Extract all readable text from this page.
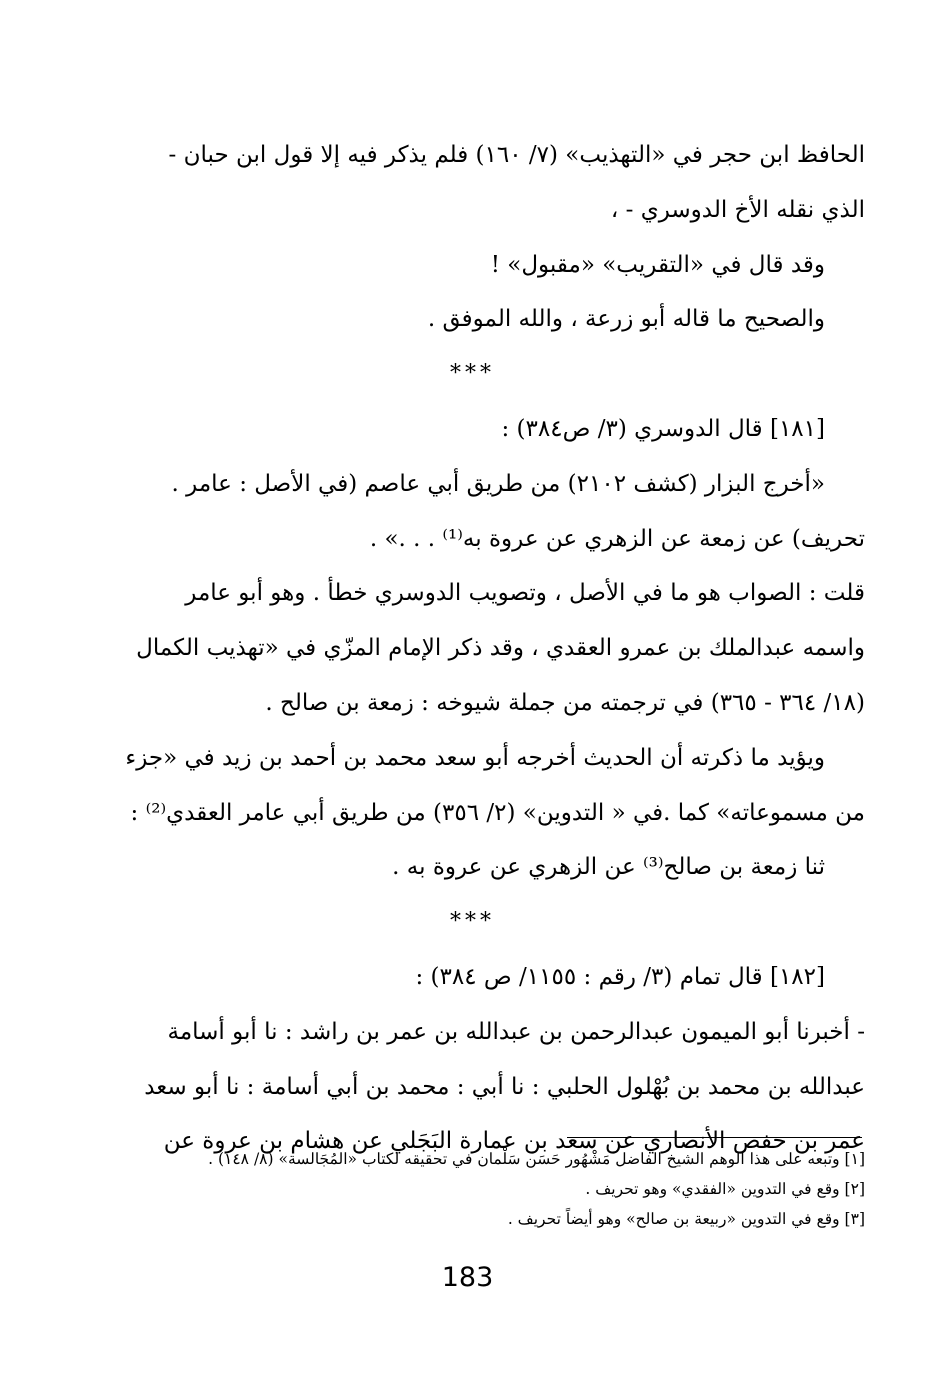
الحافظ ابن حجر في «التهذيب» (٧/ ١٦٠) فلم يذكر فيه إلا قول ابن حبان -
الذي نقله الأخ الدوسري - ،
وقد قال في «التقريب» «مقبول» !
والصحيح ما قاله أبو زرعة ، والله الموفق .
***
[١٨١] قال الدوسري (٣/ ص٣٨٤) :
«أخرج البزار (كشف ٢١٠٢) من طريق أبي عاصم (في الأصل : عامر .
تحريف) عن زمعة عن الزهري عن عروة به⁽¹⁾ . . .» .
قلت : الصواب هو ما في الأصل ، وتصويب الدوسري خطأ . وهو أبو عامر
واسمه عبدالملك بن عمرو العقدي ، وقد ذكر الإمام المزّي في «تهذيب الكمال
(١٨/ ٣٦٤ - ٣٦٥) في ترجمته من جملة شيوخه : زمعة بن صالح .
ويؤيد ما ذكرته أن الحديث أخرجه أبو سعد محمد بن أحمد بن زيد في «جزء
من مسموعاته» كما .في « التدوين» (٢/ ٣٥٦) من طريق أبي عامر العقدي⁽²⁾ :
ثنا زمعة بن صالح⁽³⁾ عن الزهري عن عروة به .
***
[١٨٢] قال تمام (٣/ رقم : ١١٥٥/ ص ٣٨٤) :
- أخبرنا أبو الميمون عبدالرحمن بن عبدالله بن عمر بن راشد : نا أبو أسامة
عبدالله بن محمد بن بُهْلول الحلبي : نا أبي : محمد بن أبي أسامة : نا أبو سعد
عمر بن حفص الأنصاري عن سعد بن عمارة البَجَلي عن هشام بن عروة عن
[١] وتبعه على هذا الوهم الشيخ الفاضل مَشْهُور حَسَن سَلْمان في تحقيقه لكتاب «المُجَالسة» (٨/ ١٤٨) .
[٢] وقع في التدوين «الفقدي» وهو تحريف .
[٣] وقع في التدوين «ربيعة بن صالح» وهو أيضاً تحريف .
183
